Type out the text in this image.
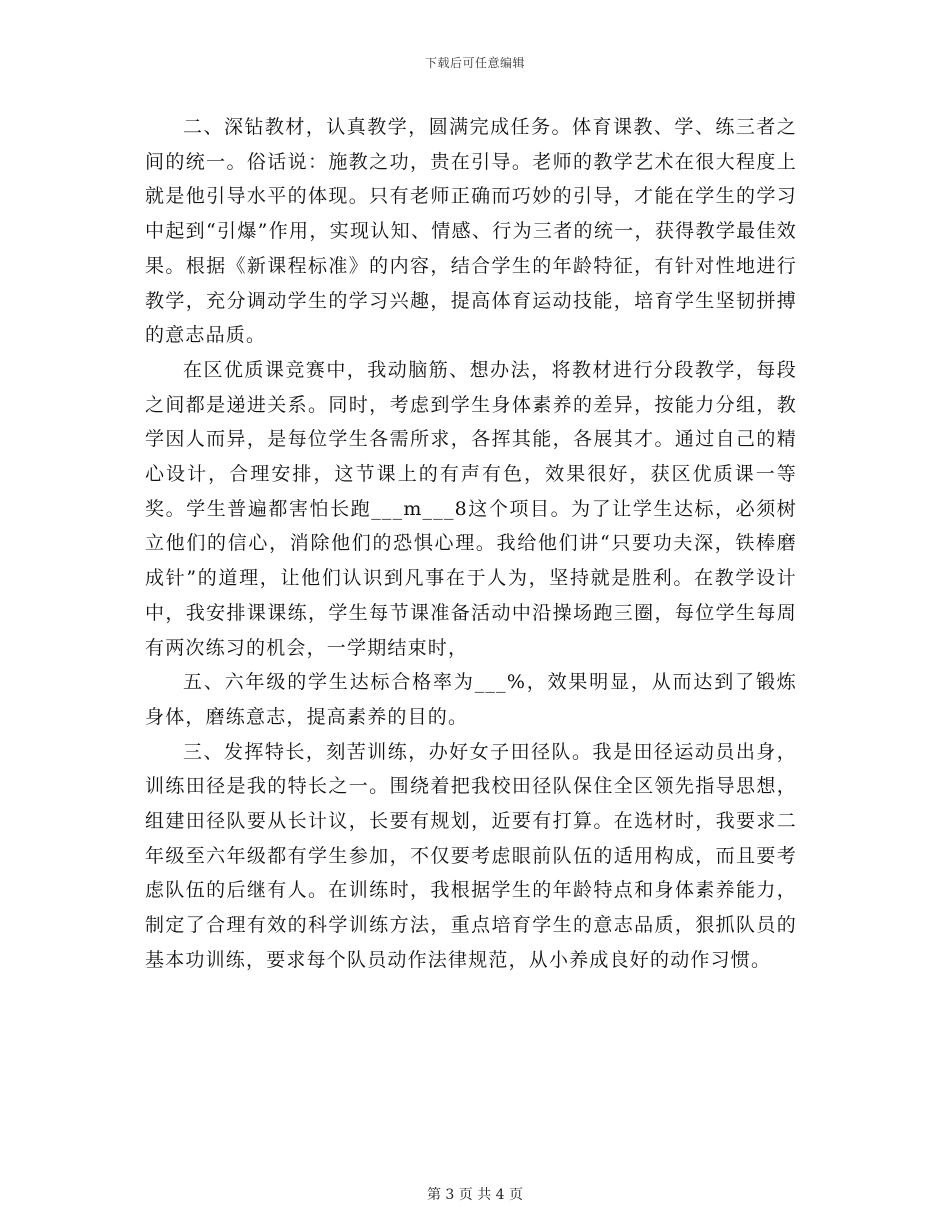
下载后可任意编辑

二、深钻教材，认真教学，圆满完成任务。体育课教、学、练三者之间的统一。俗话说：施教之功，贵在引导。老师的教学艺术在很大程度上就是他引导水平的体现。只有老师正确而巧妙的引导，才能在学生的学习中起到“引爆”作用，实现认知、情感、行为三者的统一，获得教学最佳效果。根据《新课程标准》的内容，结合学生的年龄特征，有针对性地进行教学，充分调动学生的学习兴趣，提高体育运动技能，培育学生坚韧拼搏的意志品质。

在区优质课竞赛中，我动脑筋、想办法，将教材进行分段教学，每段之间都是递进关系。同时，考虑到学生身体素养的差异，按能力分组，教学因人而异，是每位学生各需所求，各挥其能，各展其才。通过自己的精心设计，合理安排，这节课上的有声有色，效果很好，获区优质课一等奖。学生普遍都害怕长跑___m___8这个项目。为了让学生达标，必须树立他们的信心，消除他们的恐惧心理。我给他们讲“只要功夫深，铁棒磨成针”的道理，让他们认识到凡事在于人为，坚持就是胜利。在教学设计中，我安排课课练，学生每节课准备活动中沿操场跑三圈，每位学生每周有两次练习的机会，一学期结束时，

五、六年级的学生达标合格率为___%，效果明显，从而达到了锻炼身体，磨练意志，提高素养的目的。

三、发挥特长，刻苦训练，办好女子田径队。我是田径运动员出身，训练田径是我的特长之一。围绕着把我校田径队保住全区领先指导思想，组建田径队要从长计议，长要有规划，近要有打算。在选材时，我要求二年级至六年级都有学生参加，不仅要考虑眼前队伍的适用构成，而且要考虑队伍的后继有人。在训练时，我根据学生的年龄特点和身体素养能力，制定了合理有效的科学训练方法，重点培育学生的意志品质，狠抓队员的基本功训练，要求每个队员动作法律规范，从小养成良好的动作习惯。

第 3 页 共 4 页
